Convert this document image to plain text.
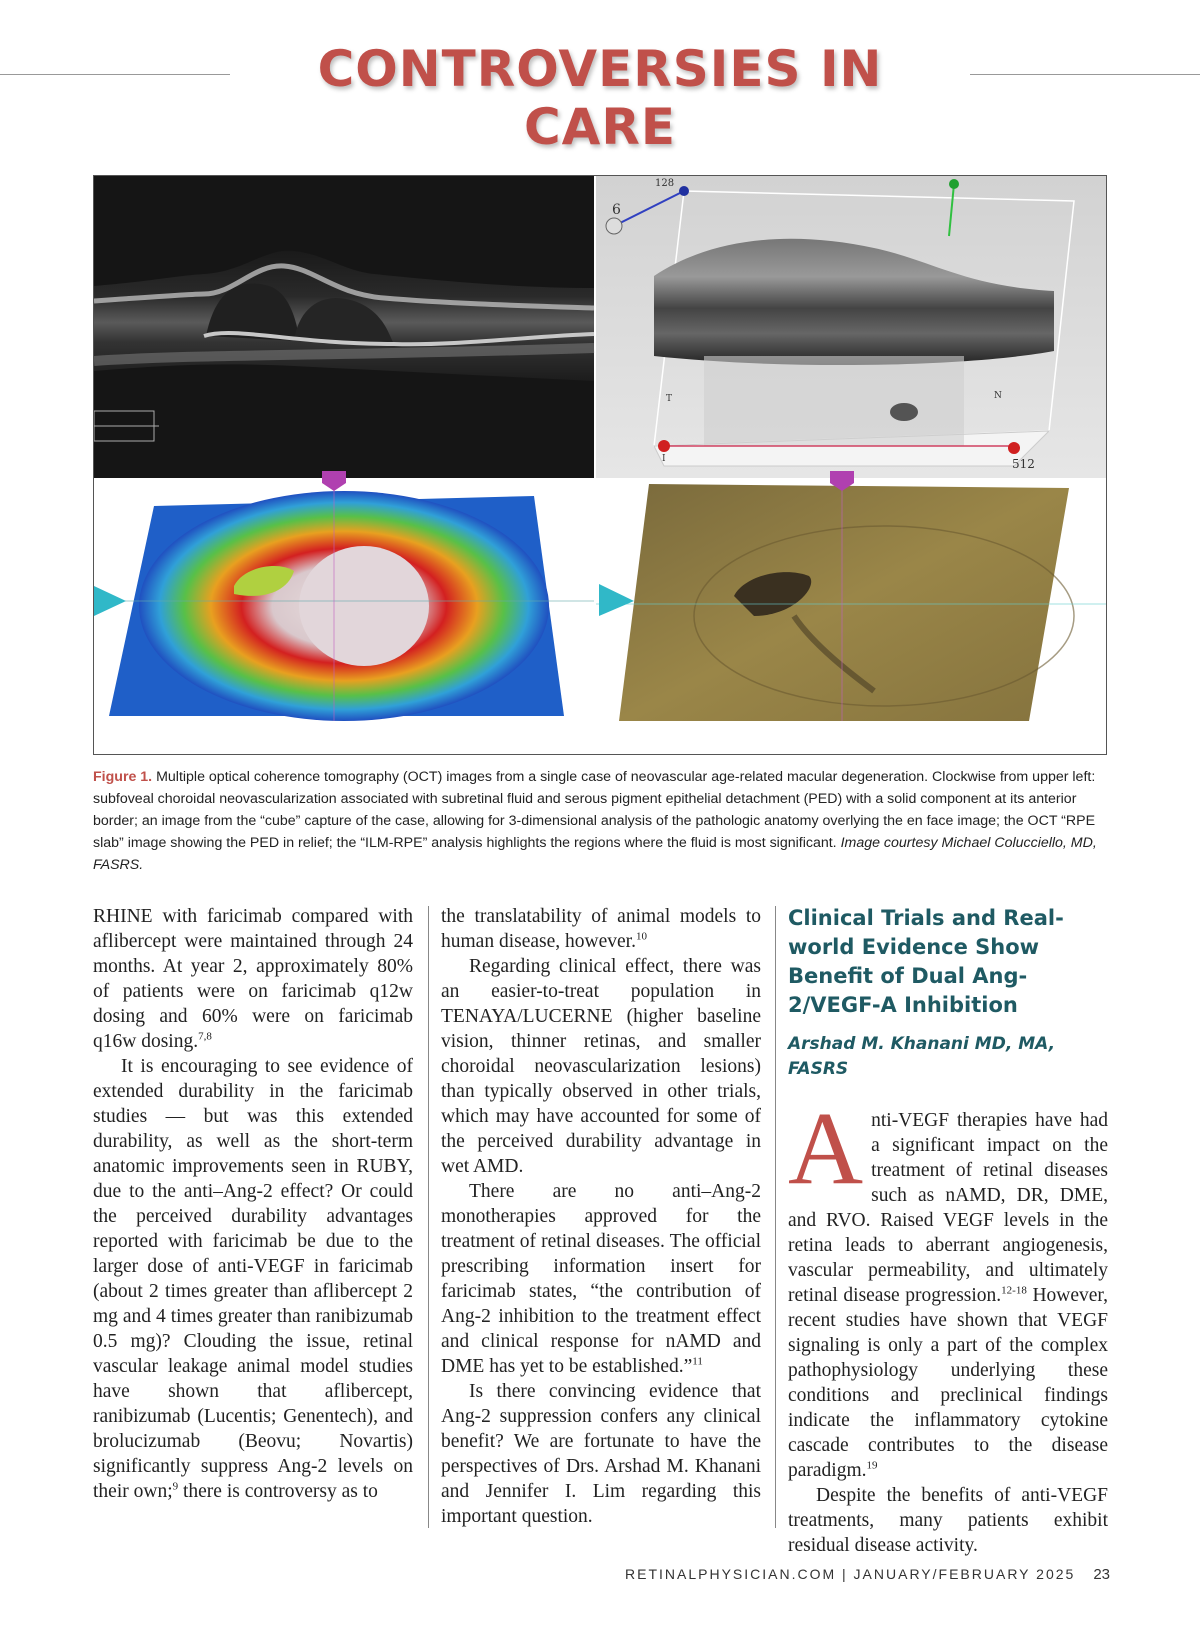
CONTROVERSIES IN CARE
128
6
512
T	N
I
Figure 1. Multiple optical coherence tomography (OCT) images from a single case of neovascular age-related macular degeneration. Clockwise from upper left: subfoveal choroidal neovascularization associated with subretinal fluid and serous pigment epithelial detachment (PED) with a solid component at its anterior border; an image from the “cube” capture of the case, allowing for 3-dimensional analysis of the pathologic anatomy overlying the en face image; the OCT “RPE slab” image showing the PED in relief; the “ILM-RPE” analysis highlights the regions where the fluid is most significant. Image courtesy Michael Colucciello, MD, FASRS.

RHINE with faricimab compared with aflibercept were maintained through 24 months. At year 2, approximately 80% of patients were on faricimab q12w dosing and 60% were on faricimab q16w dosing.$^{7,8}$

It is encouraging to see evidence of extended durability in the faricimab studies — but was this extended durability, as well as the short-term anatomic improvements seen in RUBY, due to the anti–Ang-2 effect? Or could the perceived durability advantages reported with faricimab be due to the larger dose of anti-VEGF in faricimab (about 2 times greater than aflibercept 2 mg and 4 times greater than ranibizumab 0.5 mg)? Clouding the issue, retinal vascular leakage animal model studies have shown that aflibercept, ranibizumab (Lucentis; Genentech), and brolucizumab (Beovu; Novartis) significantly suppress Ang-2 levels on their own;$^9$ there is controversy as to

the translatability of animal models to human disease, however.$^{10}$

Regarding clinical effect, there was an easier-to-treat population in TENAYA/LUCERNE (higher baseline vision, thinner retinas, and smaller choroidal neovascularization lesions) than typically observed in other trials, which may have accounted for some of the perceived durability advantage in wet AMD.

There are no anti–Ang-2 monotherapies approved for the treatment of retinal diseases. The official prescribing information insert for faricimab states, “the contribution of Ang-2 inhibition to the treatment effect and clinical response for nAMD and DME has yet to be established.”$^{11}$

Is there convincing evidence that Ang-2 suppression confers any clinical benefit? We are fortunate to have the perspectives of Drs. Arshad M. Khanani and Jennifer I. Lim regarding this important question.

Clinical Trials and Real-world Evidence Show Benefit of Dual Ang-2/VEGF-A Inhibition
Arshad M. Khanani MD, MA, FASRS

Anti-VEGF therapies have had a significant impact on the treatment of retinal diseases such as nAMD, DR, DME, and RVO. Raised VEGF levels in the retina leads to aberrant angiogenesis, vascular permeability, and ultimately retinal disease progression.$^{12-18}$ However, recent studies have shown that VEGF signaling is only a part of the complex pathophysiology underlying these conditions and preclinical findings indicate the inflammatory cytokine cascade contributes to the disease paradigm.$^{19}$

Despite the benefits of anti-VEGF treatments, many patients exhibit residual disease activity.

RETINALPHYSICIAN.COM | JANUARY/FEBRUARY 2025 23
